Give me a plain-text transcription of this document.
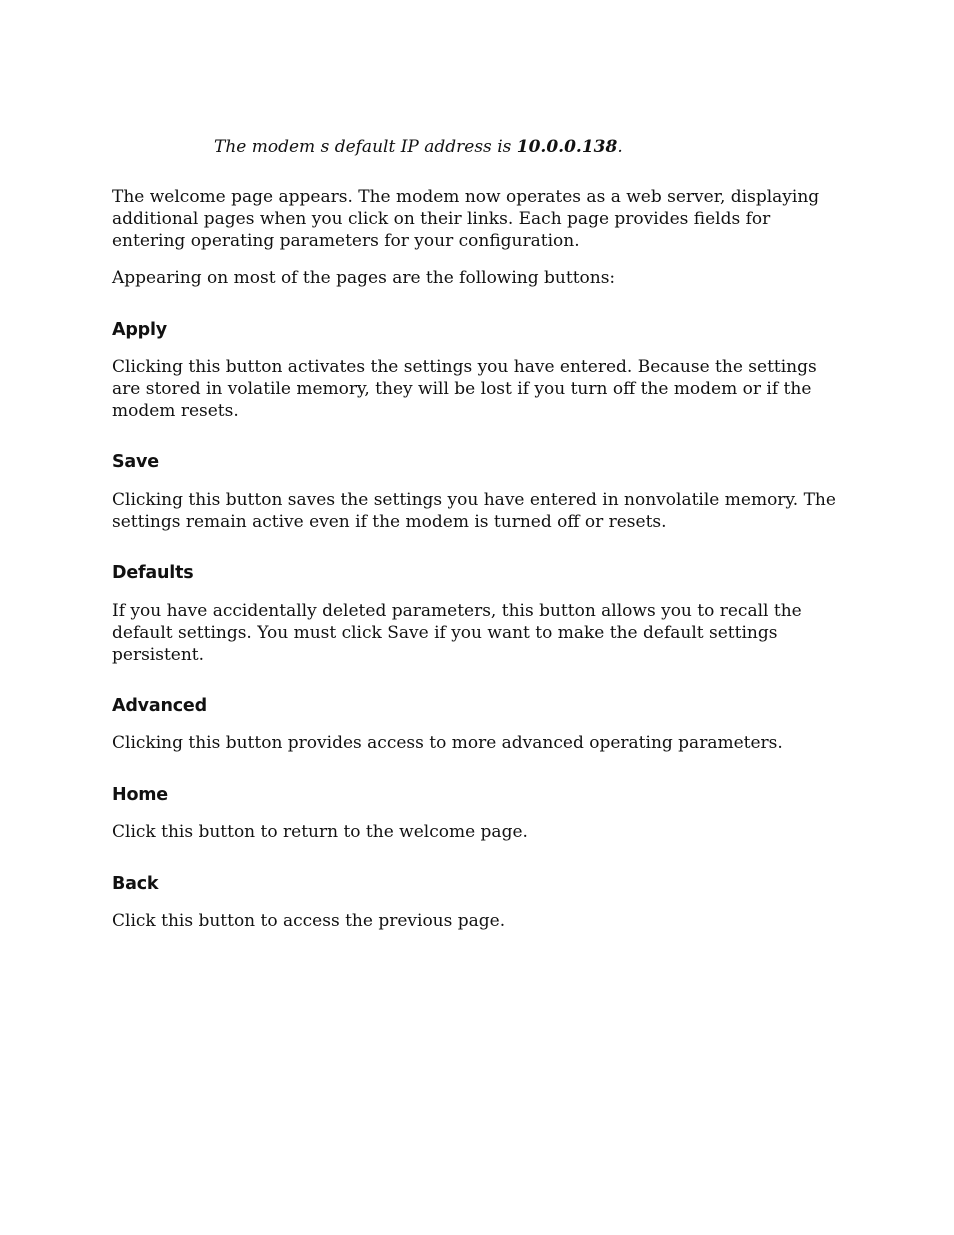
The modem s default IP address is 10.0.0.138.

The welcome page appears. The modem now operates as a web server, displaying additional pages when you click on their links. Each page provides fields for entering operating parameters for your configuration.

Appearing on most of the pages are the following buttons:

Apply

Clicking this button activates the settings you have entered. Because the settings are stored in volatile memory, they will be lost if you turn off the modem or if the modem resets.

Save

Clicking this button saves the settings you have entered in nonvolatile memory. The settings remain active even if the modem is turned off or resets.

Defaults

If you have accidentally deleted parameters, this button allows you to recall the default settings. You must click Save if you want to make the default settings persistent.

Advanced

Clicking this button provides access to more advanced operating parameters.

Home

Click this button to return to the welcome page.

Back

Click this button to access the previous page.
